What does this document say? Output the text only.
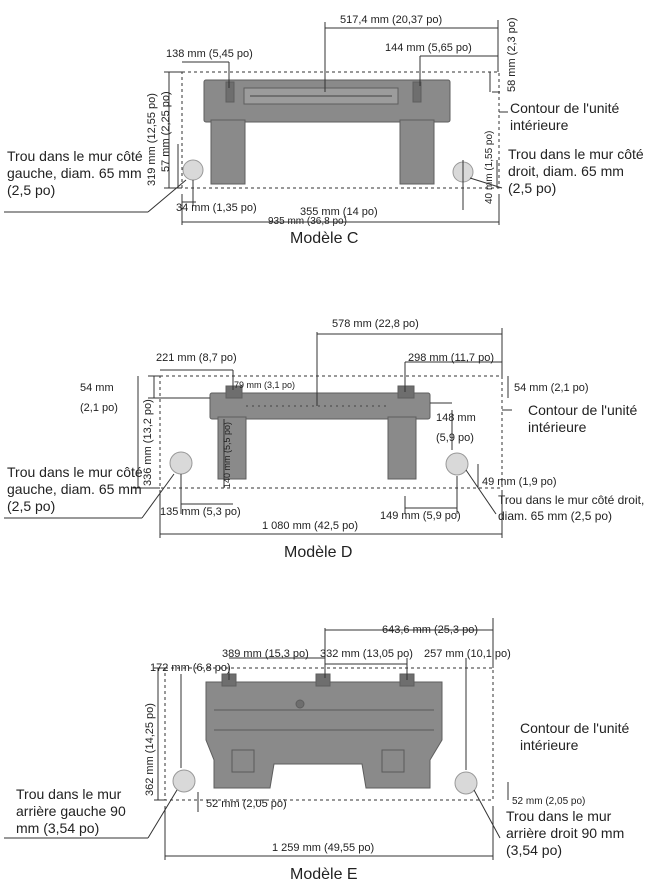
517,4 mm (20,37 po)
138 mm (5,45 po)	144 mm (5,65 po)	58 mm (2,3 po)
319 mm (12,55 po) 57 mm (2,25 po)
34 mm (1,35 po)	355 mm (14 po)
935 mm (36,8 po)
40 mm (1,55 po)
Contour de l'unité intérieure
Trou dans le mur côté gauche, diam. 65 mm (2,5 po)
Trou dans le mur côté droit, diam. 65 mm (2,5 po)
Modèle C
578 mm (22,8 po)
221 mm (8,7 po)	298 mm (11,7 po)
79 mm (3,1 po)
54 mm
(2,1 po)
54 mm (2,1 po)
336 mm (13,2 po)	140 mm (5,5 po)
148 mm
(5,9 po)
49 mm (1,9 po)
135 mm (5,3 po)	149 mm (5,9 po)
1 080 mm (42,5 po)
Contour de l'unité intérieure
Trou dans le mur côté gauche, diam. 65 mm (2,5 po)	Trou dans le mur côté droit, diam. 65 mm (2,5 po)
Modèle D
643,6 mm (25,3 po)
172 mm (6,8 po)
389 mm (15,3 po) 332 mm (13,05 po) 257 mm (10,1 po)
362 mm (14,25 po)
52 mm (2,05 po)	52 mm (2,05 po)
1 259 mm (49,55 po)
Contour de l'unité intérieure
Trou dans le mur arrière gauche 90 mm (3,54 po)
Trou dans le mur arrière droit 90 mm (3,54 po)
Modèle E
